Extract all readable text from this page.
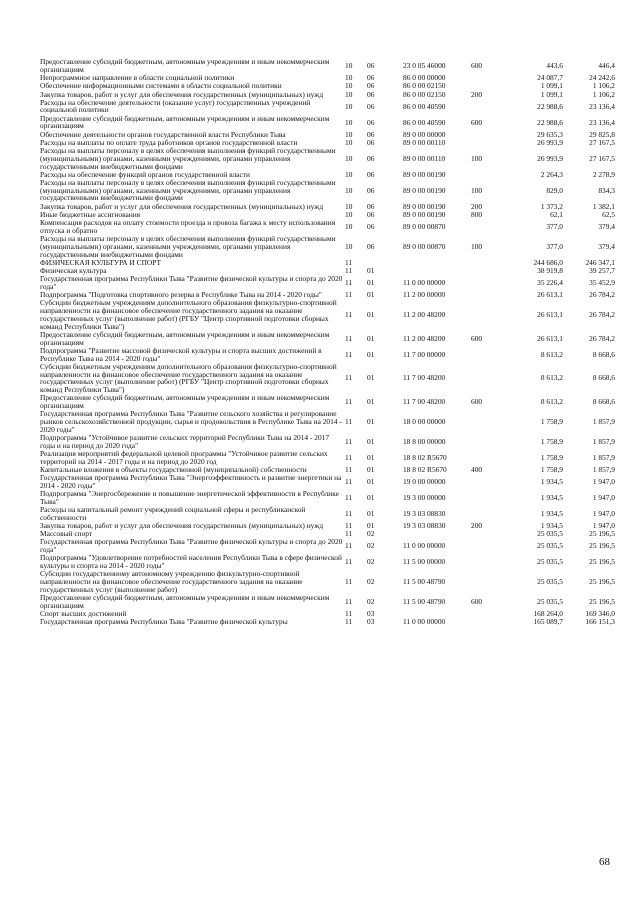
Предоставление субсидий бюджетным, автономным учреждениям и иным некоммерческим организациям	10	06	23 0 05 46000	600	443,6	446,4
Непрограммное направление в области социальной политики	10	06	86 0 00 00000		24 087,7	24 242,6
Обеспечение информационными системами в области социальной политики	10	06	86 0 00 02150		1 099,1	1 106,2
Закупка товаров, работ и услуг для обеспечения государственных (муниципальных) нужд	10	06	86 0 00 02150	200	1 099,1	1 106,2
Расходы на обеспечение деятельности (оказание услуг) государственных учреждений социальной политики	10	06	86 0 00 40590		22 988,6	23 136,4
Предоставление субсидий бюджетным, автономным учреждениям и иным некоммерческим организациям	10	06	86 0 00 40590	600	22 988,6	23 136,4
Обеспечение деятельности органов государственной власти Республики Тыва	10	06	89 0 00 00000		29 635,3	29 825,8
Расходы на выплаты по оплате труда работников органов государственной власти	10	06	89 0 00 00110		26 993,9	27 167,5
Расходы на выплаты персоналу в целях обеспечения выполнения функций государственными (муниципальными) органами, казенными учреждениями, органами управления государственными внебюджетными фондами	10	06	89 0 00 00110	100	26 993,9	27 167,5
Расходы на обеспечение функций органов государственной власти	10	06	89 0 00 00190		2 264,3	2 278,9
Расходы на выплаты персоналу в целях обеспечения выполнения функций государственными (муниципальными) органами, казенными учреждениями, органами управления государственными внебюджетными фондами	10	06	89 0 00 00190	100	829,0	834,3
Закупка товаров, работ и услуг для обеспечения государственных (муниципальных) нужд	10	06	89 0 00 00190	200	1 373,2	1 382,1
Иные бюджетные ассигнования	10	06	89 0 00 00190	800	62,1	62,5
Компенсация расходов на оплату стоимости проезда и провоза багажа к месту использования отпуска и обратно	10	06	89 0 00 00870		377,0	379,4
Расходы на выплаты персоналу в целях обеспечения выполнения функций государственными (муниципальными) органами, казенными учреждениями, органами управления государственными внебюджетными фондами	10	06	89 0 00 00870	100	377,0	379,4
ФИЗИЧЕСКАЯ КУЛЬТУРА И СПОРТ	11				244 686,0	246 347,1
Физическая культура	11	01			38 919,8	39 257,7
Государственная программа Республики Тыва "Развитие физической культуры и спорта до 2020 года"	11	01	11 0 00 00000		35 226,4	35 452,9
Подпрограмма "Подготовка спортивного резерва в Республике Тыва на 2014 - 2020 годы"	11	01	11 2 00 00000		26 613,1	26 784,2
Субсидии бюджетным учреждениям дополнительного образования физкультурно-спортивной направленности на финансовое обеспечение государственного задания на оказание государственных услуг (выполнение работ) (РГБУ "Центр спортивной подготовки сборных команд Республики Тыва")	11	01	11 2 00 48200		26 613,1	26 784,2
Предоставление субсидий бюджетным, автономным учреждениям и иным некоммерческим организациям	11	01	11 2 00 48200	600	26 613,1	26 784,2
Подпрограмма "Развитие массовой физической культуры и спорта высших достижений в Республике Тыва на 2014 - 2020 годы"	11	01	11 7 00 00000		8 613,2	8 668,6
Субсидии бюджетным учреждениям дополнительного образования физкультурно-спортивной направленности на финансовое обеспечение государственного задания на оказание государственных услуг (выполнение работ) (РГБУ "Центр спортивной подготовки сборных команд Республики Тыва")	11	01	11 7 00 48200		8 613,2	8 668,6
Предоставление субсидий бюджетным, автономным учреждениям и иным некоммерческим организациям	11	01	11 7 00 48200	600	8 613,2	8 668,6
Государственная программа Республики Тыва "Развитие сельского хозяйства и регулирование рынков сельскохозяйственной продукции, сырья и продовольствия в Республике Тыва на 2014 - 2020 годы"	11	01	18 0 00 00000		1 758,9	1 857,9
Подпрограмма "Устойчивое развитие сельских территорий Республики Тыва на 2014 - 2017 годы и на период до 2020 года"	11	01	18 8 00 00000		1 758,9	1 857,9
Реализация мероприятий федеральной целевой программы "Устойчивое развитие сельских территорий на 2014 - 2017 годы и на период до 2020 год	11	01	18 8 02 R5670		1 758,9	1 857,9
Капитальные вложения в объекты государственной (муниципальной) собственности	11	01	18 8 02 R5670	400	1 758,9	1 857,9
Государственная программа Республики Тыва "Энергоэффективность и развитие энергетики на 2014 - 2020 годы"	11	01	19 0 00 00000		1 934,5	1 947,0
Подпрограмма "Энергосбережение и повышение энергетической эффективности в Республике Тыва"	11	01	19 3 00 00000		1 934,5	1 947,0
Расходы на капитальный ремонт учреждений социальной сферы и республиканской собственности	11	01	19 3 03 08830		1 934,5	1 947,0
Закупка товаров, работ и услуг для обеспечения государственных (муниципальных) нужд	11	01	19 3 03 08830	200	1 934,5	1 947,0
Массовый спорт	11	02			25 035,5	25 196,5
Государственная программа Республики Тыва "Развитие физической культуры и спорта до 2020 года"	11	02	11 0 00 00000		25 035,5	25 196,5
Подпрограмма "Удовлетворение потребностей населения Республики Тыва в сфере физической культуры и спорта на 2014 - 2020 годы"	11	02	11 5 00 00000		25 035,5	25 196,5
Субсидии государственному автономному учреждению физкультурно-спортивной направленности на финансовое обеспечение государственного задания на оказание государственных услуг (выполнение работ)	11	02	11 5 00 48790		25 035,5	25 196,5
Предоставление субсидий бюджетным, автономным учреждениям и иным некоммерческим организациям	11	02	11 5 00 48790	600	25 035,5	25 196,5
Спорт высших достижений	11	03			168 264,0	169 346,0
Государственная программа Республики Тыва "Развитие физической культуры	11	03	11 0 00 00000		165 089,7	166 151,3
68
